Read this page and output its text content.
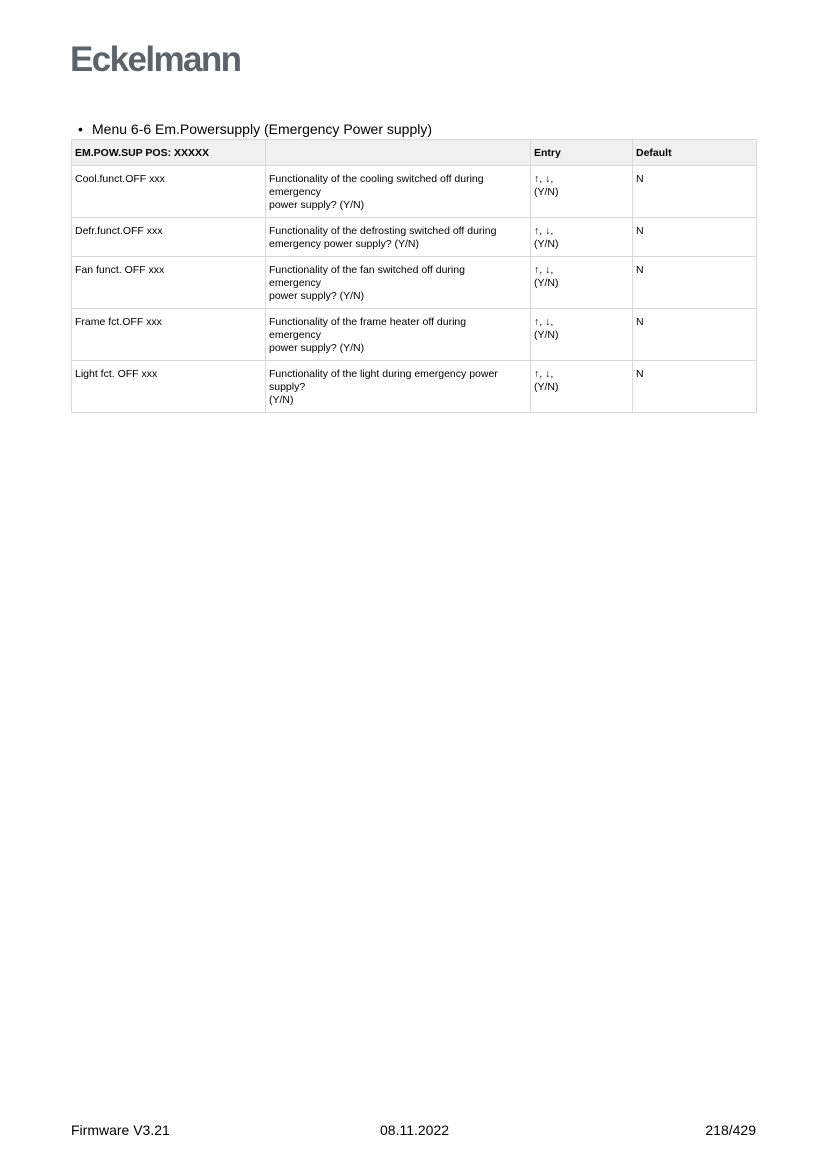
Eckelmann
• Menu 6-6 Em.Powersupply (Emergency Power supply)
EM.POW.SUP POS: XXXXX		Entry	Default
Cool.funct.OFF xxx	Functionality of the cooling switched off during
emergency
power supply? (Y/N)	↑, ↓,
(Y/N)	N
Defr.funct.OFF xxx	Functionality of the defrosting switched off during
emergency power supply? (Y/N)	↑, ↓,
(Y/N)	N
Fan funct. OFF xxx	Functionality of the fan switched off during
emergency
power supply? (Y/N)	↑, ↓,
(Y/N)	N
Frame fct.OFF xxx	Functionality of the frame heater off during
emergency
power supply? (Y/N)	↑, ↓,
(Y/N)	N
Light fct. OFF xxx	Functionality of the light during emergency power
supply?
(Y/N)	↑, ↓,
(Y/N)	N
Firmware V3.21	08.11.2022	218/429
